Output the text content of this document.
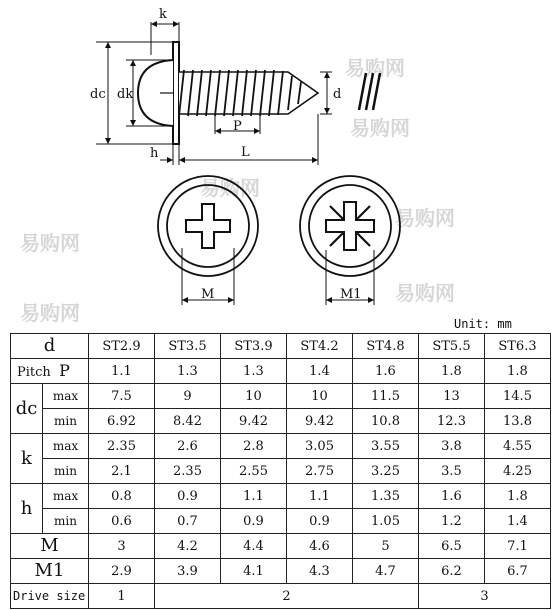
易购网
易购网
易购网
易购网
易购网
易购网
易购网
k
dc dk	d
P
h	L
M	M1
Unit: mm
d		ST2.9	ST3.5	ST3.9	ST4.2	ST4.8	ST5.5	ST6.3
Pitch P		1.1	1.3	1.3	1.4	1.6	1.8	1.8
dc	max	7.5	9	10	10	11.5	13	14.5
	min	6.92	8.42	9.42	9.42	10.8	12.3	13.8
k	max	2.35	2.6	2.8	3.05	3.55	3.8	4.55
	min	2.1	2.35	2.55	2.75	3.25	3.5	4.25
h	max	0.8	0.9	1.1	1.1	1.35	1.6	1.8
	min	0.6	0.7	0.9	0.9	1.05	1.2	1.4
M		3	4.2	4.4	4.6	5	6.5	7.1
M1		2.9	3.9	4.1	4.3	4.7	6.2	6.7
Drive size		1	2				3	
